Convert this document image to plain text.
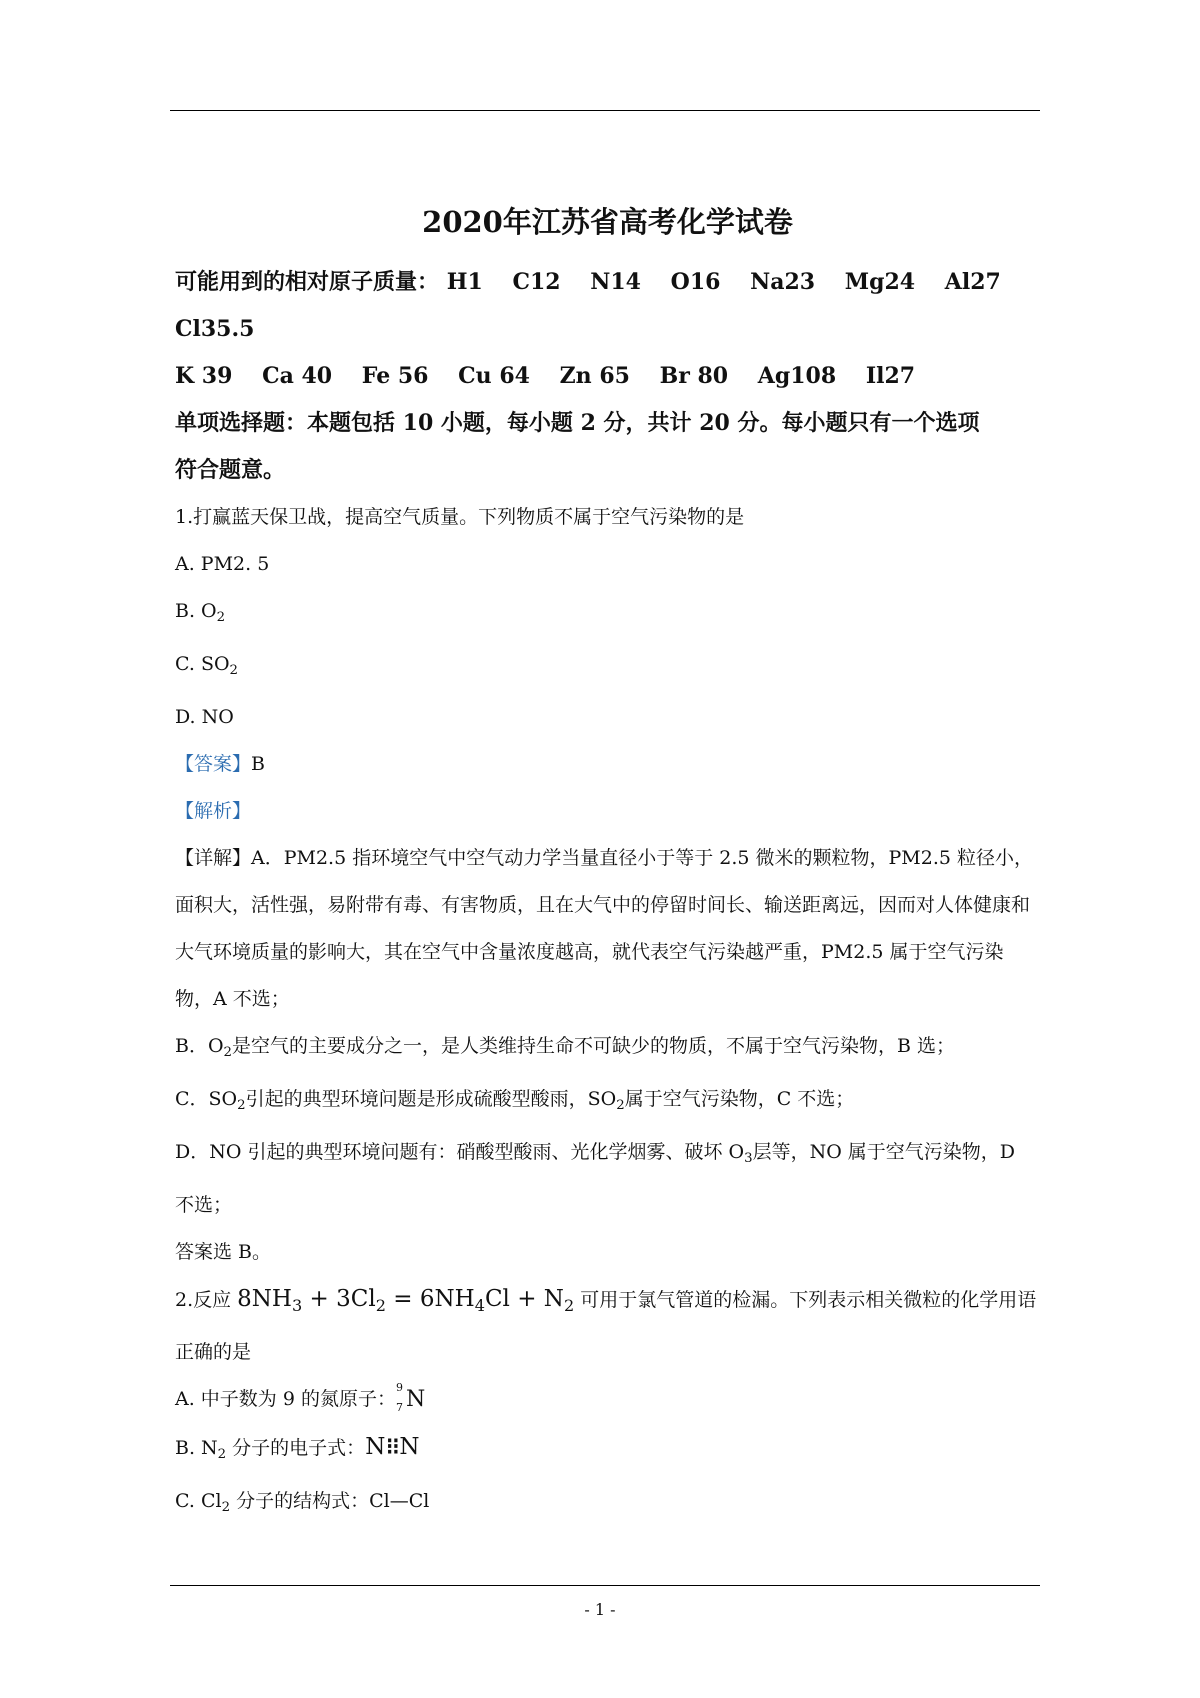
2020年江苏省高考化学试卷
可能用到的相对原子质量： H1 C12 N14 O16 Na23 Mg24 Al27 Cl35.5
K 39 Ca 40 Fe 56 Cu 64 Zn 65 Br 80 Ag108 Il27
单项选择题：本题包括 10 小题，每小题 2 分，共计 20 分。每小题只有一个选项
符合题意。
1.打赢蓝天保卫战，提高空气质量。下列物质不属于空气污染物的是
A. PM2. 5
B. $O_2$
C. $SO_2$
D. NO
【答案】B
【解析】
【详解】A．PM2.5 指环境空气中空气动力学当量直径小于等于 2.5 微米的颗粒物，PM2.5 粒径小，面积大，活性强，易附带有毒、有害物质，且在大气中的停留时间长、输送距离远，因而对人体健康和大气环境质量的影响大，其在空气中含量浓度越高，就代表空气污染越严重，PM2.5 属于空气污染物，A 不选；
B．$O_2$是空气的主要成分之一，是人类维持生命不可缺少的物质，不属于空气污染物，B 选；
C．$SO_2$引起的典型环境问题是形成硫酸型酸雨，$SO_2$属于空气污染物，C 不选；
D．NO 引起的典型环境问题有：硝酸型酸雨、光化学烟雾、破坏 $O_3$层等，NO 属于空气污染物，D 不选；
答案选 B。
2.反应 $8NH_3 + 3Cl_2 = 6NH_4Cl + N_2$ 可用于氯气管道的检漏。下列表示相关微粒的化学用语
正确的是
A. 中子数为 9 的氮原子：
9
7 N
B. $N_2$ 分子的电子式：N⁝⁝N
C. $Cl_2$ 分子的结构式：Cl—Cl
- 1 -
